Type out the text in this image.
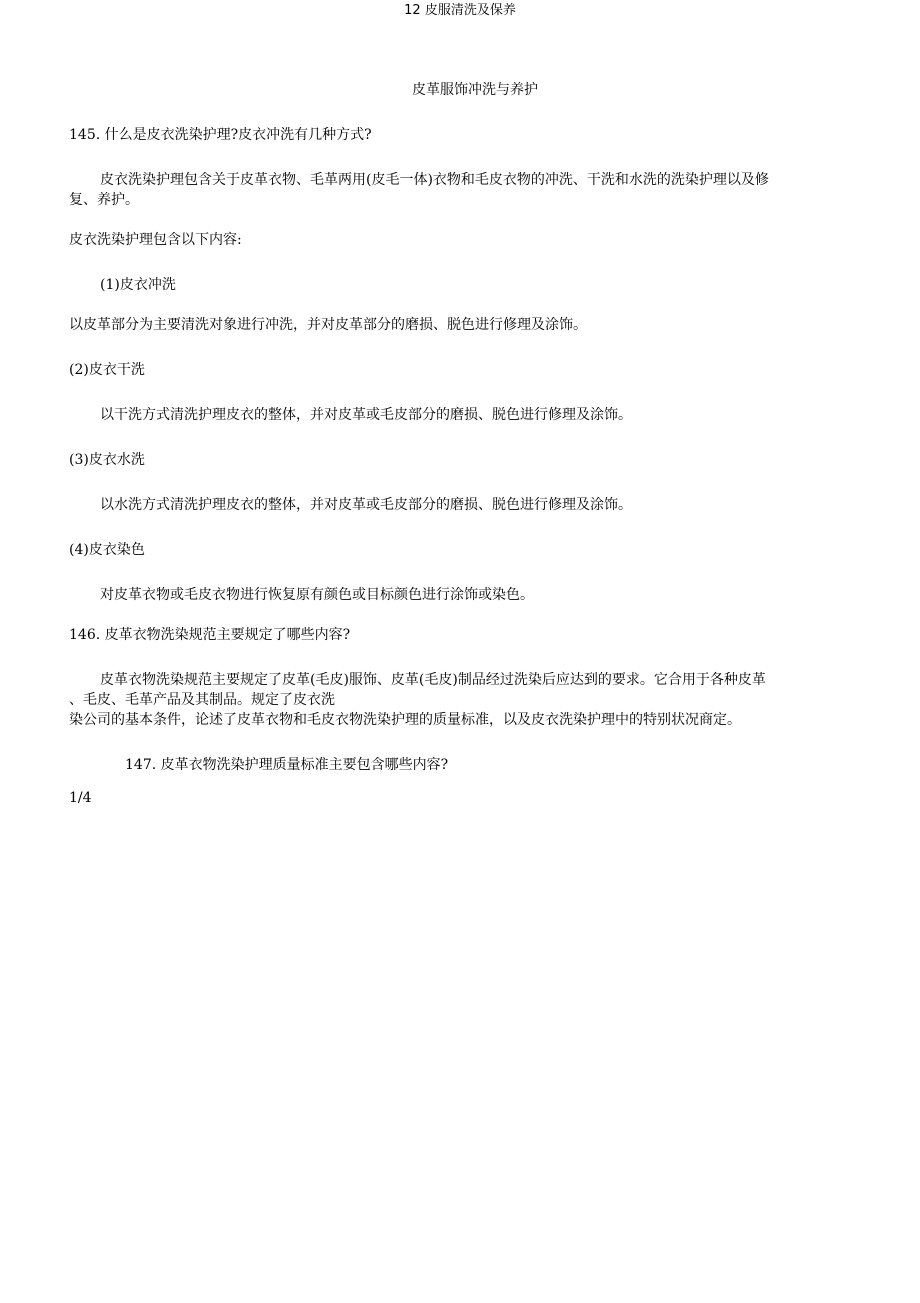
12 皮服清洗及保养
皮革服饰冲洗与养护
145. 什么是皮衣洗染护理?皮衣冲洗有几种方式?
皮衣洗染护理包含关于皮革衣物、毛革两用(皮毛一体)衣物和毛皮衣物的冲洗、干洗和水洗的洗染护理以及修
复、养护。
皮衣洗染护理包含以下内容:
(1)皮衣冲洗
以皮革部分为主要清洗对象进行冲洗，并对皮革部分的磨损、脱色进行修理及涂饰。
(2)皮衣干洗
以干洗方式清洗护理皮衣的整体，并对皮革或毛皮部分的磨损、脱色进行修理及涂饰。
(3)皮衣水洗
以水洗方式清洗护理皮衣的整体，并对皮革或毛皮部分的磨损、脱色进行修理及涂饰。
(4)皮衣染色
对皮革衣物或毛皮衣物进行恢复原有颜色或目标颜色进行涂饰或染色。
146. 皮革衣物洗染规范主要规定了哪些内容?
皮革衣物洗染规范主要规定了皮革(毛皮)服饰、皮革(毛皮)制品经过洗染后应达到的要求。它合用于各种皮革
、毛皮、毛革产品及其制品。规定了皮衣洗
染公司的基本条件，论述了皮革衣物和毛皮衣物洗染护理的质量标准，以及皮衣洗染护理中的特别状况商定。
147. 皮革衣物洗染护理质量标准主要包含哪些内容?
1/4
